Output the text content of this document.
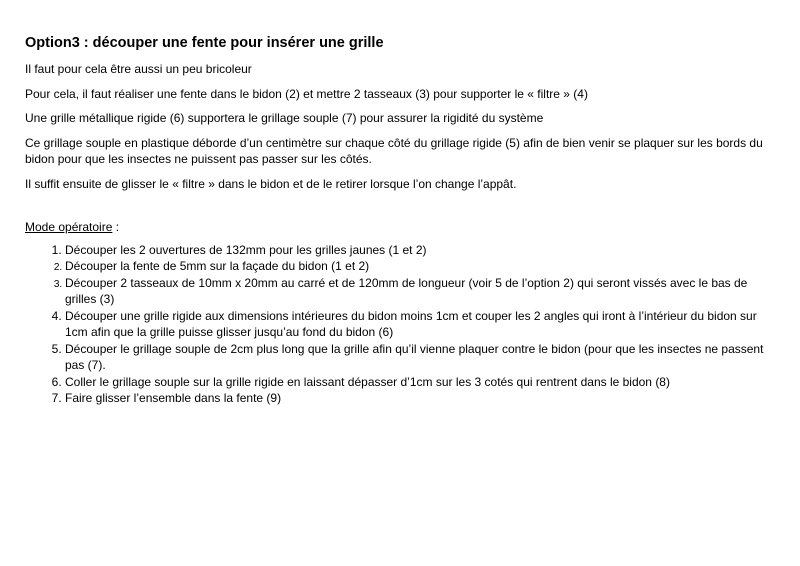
Option3 : découper une fente pour insérer une grille

Il faut pour cela être aussi un peu bricoleur

Pour cela, il faut réaliser une fente dans le bidon (2) et mettre 2 tasseaux (3) pour supporter le « filtre » (4)

Une grille métallique rigide (6) supportera le grillage souple (7) pour assurer la rigidité du système

Ce grillage souple en plastique déborde d’un centimètre sur chaque côté du grillage rigide (5) afin de bien venir se plaquer sur les bords du bidon pour que les insectes ne puissent pas passer sur les côtés.

Il suffit ensuite de glisser le « filtre » dans le bidon et de le retirer lorsque l’on change l’appât.

Mode opératoire :
1. Découper les 2 ouvertures de 132mm pour les grilles jaunes (1 et 2)
2. Découper la fente de 5mm sur la façade du bidon (1 et 2)
3. Découper 2 tasseaux de 10mm x 20mm au carré et de 120mm de longueur (voir 5 de l’option 2) qui seront vissés avec le bas de grilles (3)
4. Découper une grille rigide aux dimensions intérieures du bidon moins 1cm et couper les 2 angles qui iront à l’intérieur du bidon sur 1cm afin que la grille puisse glisser jusqu’au fond du bidon (6)
5. Découper le grillage souple de 2cm plus long que la grille afin qu’il vienne plaquer contre le bidon (pour que les insectes ne passent pas (7).
6. Coller le grillage souple sur la grille rigide en laissant dépasser d’1cm sur les 3 cotés qui rentrent dans le bidon (8)
7. Faire glisser l’ensemble dans la fente (9)
